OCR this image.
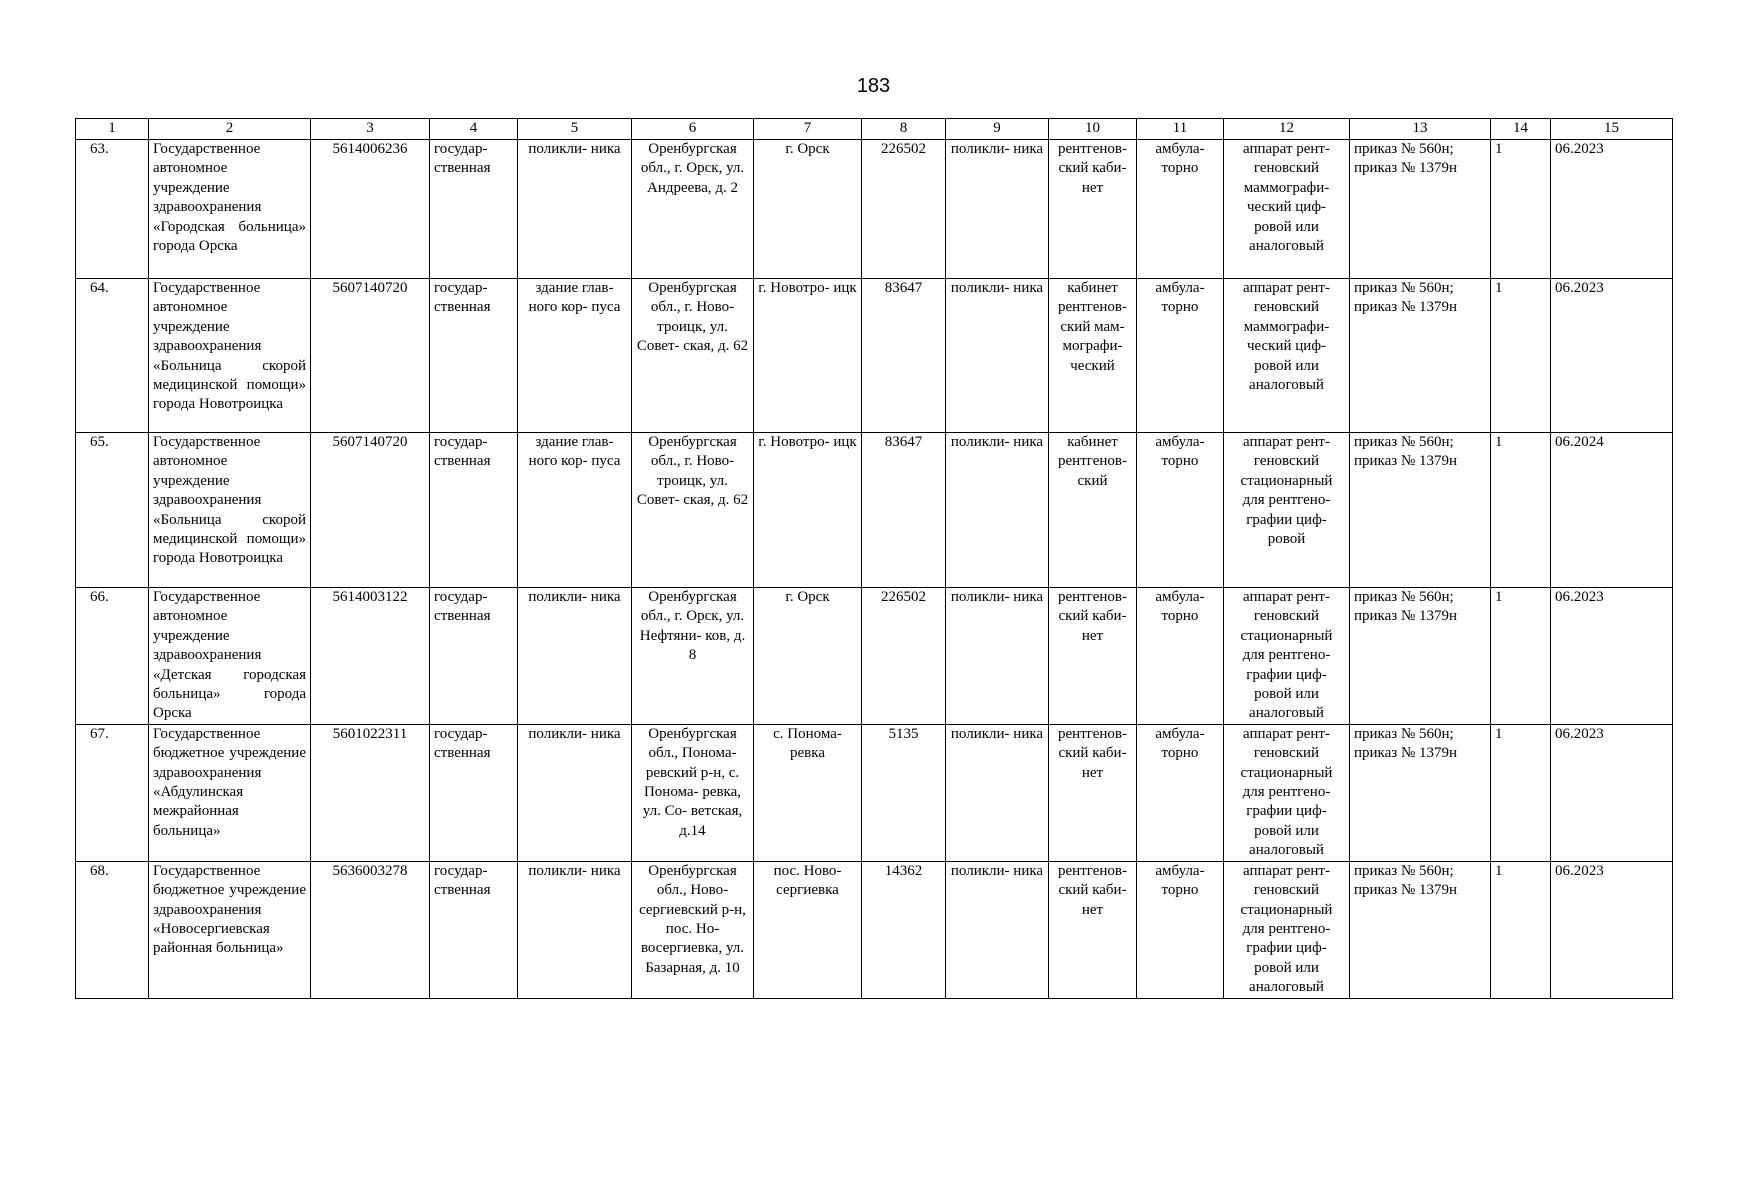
183
1	2	3	4	5	6	7	8	9	10	11	12	13	14	15
63.	Государственное автономное учреждение здравоохранения «Городская больница» города Орска	5614006236	государ- ственная	поликли- ника	Оренбургская обл., г. Орск, ул. Андреева, д. 2	г. Орск	226502	поликли- ника	рентгенов- ский каби- нет	амбула- торно	аппарат рент- геновский маммографи- ческий циф- ровой или аналоговый	приказ № 560н; приказ № 1379н	1	06.2023
64.	Государственное автономное учреждение здравоохранения «Больница скорой медицинской помощи» города Новотроицка	5607140720	государ- ственная	здание глав- ного кор- пуса	Оренбургская обл., г. Ново- троицк, ул. Совет- ская, д. 62	г. Новотро- ицк	83647	поликли- ника	кабинет рентгенов- ский мам- мографи- ческий	амбула- торно	аппарат рент- геновский маммографи- ческий циф- ровой или аналоговый	приказ № 560н; приказ № 1379н	1	06.2023
65.	Государственное автономное учреждение здравоохранения «Больница скорой медицинской помощи» города Новотроицка	5607140720	государ- ственная	здание глав- ного кор- пуса	Оренбургская обл., г. Ново- троицк, ул. Совет- ская, д. 62	г. Новотро- ицк	83647	поликли- ника	кабинет рентгенов- ский	амбула- торно	аппарат рент- геновский стационарный для рентгено- графии циф- ровой	приказ № 560н; приказ № 1379н	1	06.2024
66.	Государственное автономное учреждение здравоохранения «Детская городская больница» города Орска	5614003122	государ- ственная	поликли- ника	Оренбургская обл., г. Орск, ул. Нефтяни- ков, д. 8	г. Орск	226502	поликли- ника	рентгенов- ский каби- нет	амбула- торно	аппарат рент- геновский стационарный для рентгено- графии циф- ровой или аналоговый	приказ № 560н; приказ № 1379н	1	06.2023
67.	Государственное бюджетное учреждение здравоохранения «Абдулинская межрайонная больница»	5601022311	государ- ственная	поликли- ника	Оренбургская обл., Понома- ревский р-н, с. Понома- ревка, ул. Со- ветская, д.14	с. Понома- ревка	5135	поликли- ника	рентгенов- ский каби- нет	амбула- торно	аппарат рент- геновский стационарный для рентгено- графии циф- ровой или аналоговый	приказ № 560н; приказ № 1379н	1	06.2023
68.	Государственное бюджетное учреждение здравоохранения «Новосергиевская районная больница»	5636003278	государ- ственная	поликли- ника	Оренбургская обл., Ново- сергиевский р-н, пос. Но- восергиевка, ул. Базарная, д. 10	пос. Ново- сергиевка	14362	поликли- ника	рентгенов- ский каби- нет	амбула- торно	аппарат рент- геновский стационарный для рентгено- графии циф- ровой или аналоговый	приказ № 560н; приказ № 1379н	1	06.2023
